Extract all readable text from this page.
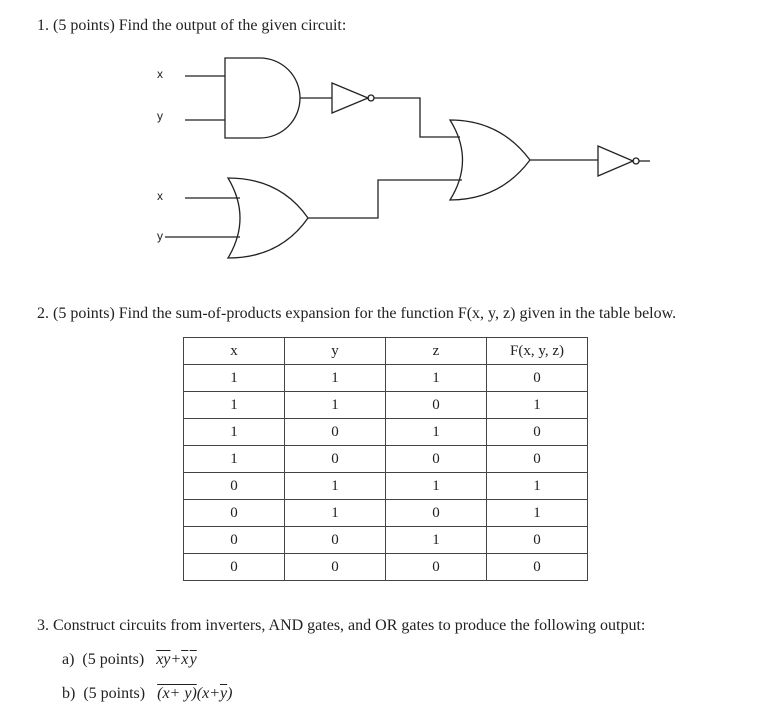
1. (5 points) Find the output of the given circuit:
x
y
x
y
2. (5 points) Find the sum-of-products expansion for the function F(x, y, z) given in the table below.
x	y	z	F(x, y, z)
1	1	1	0
1	1	0	1
1	0	1	0
1	0	0	0
0	1	1	1
0	1	0	1
0	0	1	0
0	0	0	0
3. Construct circuits from inverters, AND gates, and OR gates to produce the following output:
a)  (5 points) $\overline{xy}+\overline{x}$ $\overline{y}$
b)  (5 points) $(x+ y)(x+\overline{y})$
